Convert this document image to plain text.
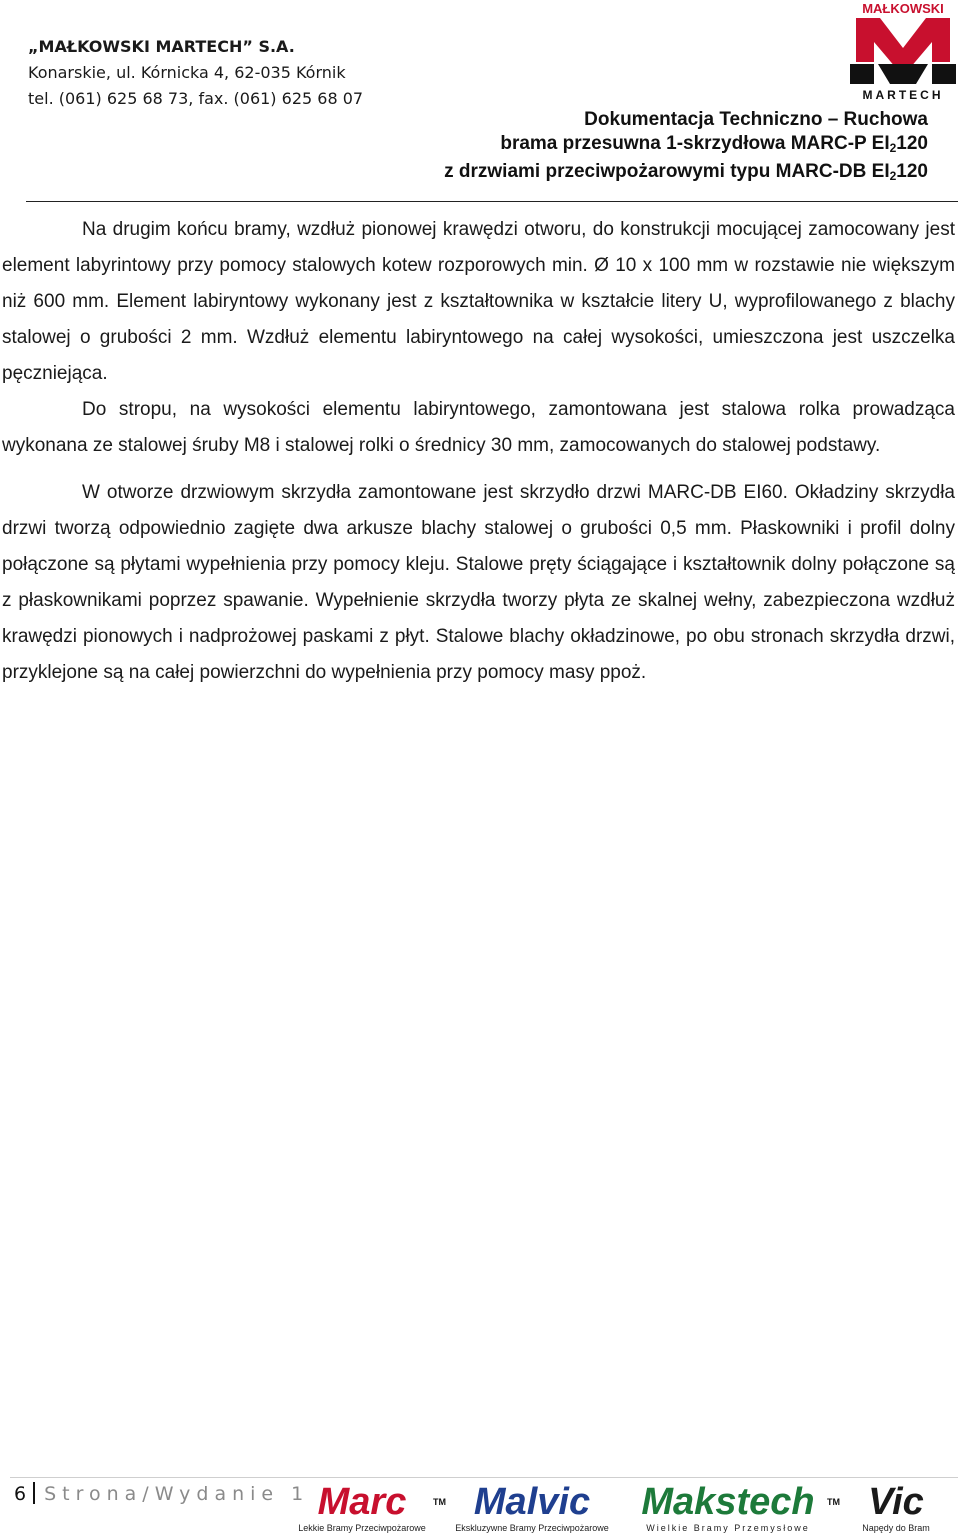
„MAŁKOWSKI MARTECH” S.A.
Konarskie, ul. Kórnicka 4, 62-035 Kórnik
tel. (061) 625 68 73, fax. (061) 625 68 07
MAŁKOWSKI
MARTECH
Dokumentacja Techniczno – Ruchowa
brama przesuwna 1-skrzydłowa MARC-P $EI_2120$
z drzwiami przeciwpożarowymi typu MARC-DB $EI_2120$

Na drugim końcu bramy, wzdłuż pionowej krawędzi otworu, do konstrukcji mocującej zamocowany jest element labyrintowy przy pomocy stalowych kotew rozporowych min. Ø 10 x 100 mm w rozstawie nie większym niż 600 mm. Element labiryntowy wykonany jest z kształtownika w kształcie litery U, wyprofilowanego z blachy stalowej o grubości 2 mm. Wzdłuż elementu labiryntowego na całej wysokości, umieszczona jest uszczelka pęczniejąca.

Do stropu, na wysokości elementu labiryntowego, zamontowana jest stalowa rolka prowadząca wykonana ze stalowej śruby M8 i stalowej rolki o średnicy 30 mm, zamocowanych do stalowej podstawy.

W otworze drzwiowym skrzydła zamontowane jest skrzydło drzwi MARC-DB EI60. Okładziny skrzydła drzwi tworzą odpowiednio zagięte dwa arkusze blachy stalowej o grubości 0,5 mm. Płaskowniki i profil dolny połączone są płytami wypełnienia przy pomocy kleju. Stalowe pręty ściągające i kształtownik dolny połączone są z płaskownikami poprzez spawanie. Wypełnienie skrzydła tworzy płyta ze skalnej wełny, zabezpieczona wzdłuż krawędzi pionowych i nadprożowej paskami z płyt. Stalowe blachy okładzinowe, po obu stronach skrzydła drzwi, przyklejone są na całej powierzchni do wypełnienia przy pomocy masy ppoż.

6 Strona/Wydanie 1 Marc	TM
Lekkie Bramy Przeciwpożarowe
Malvic
Ekskluzywne Bramy Przeciwpożarowe
Makstech TM
Wielkie Bramy Przemysłowe
Vic
Napędy do Bram
